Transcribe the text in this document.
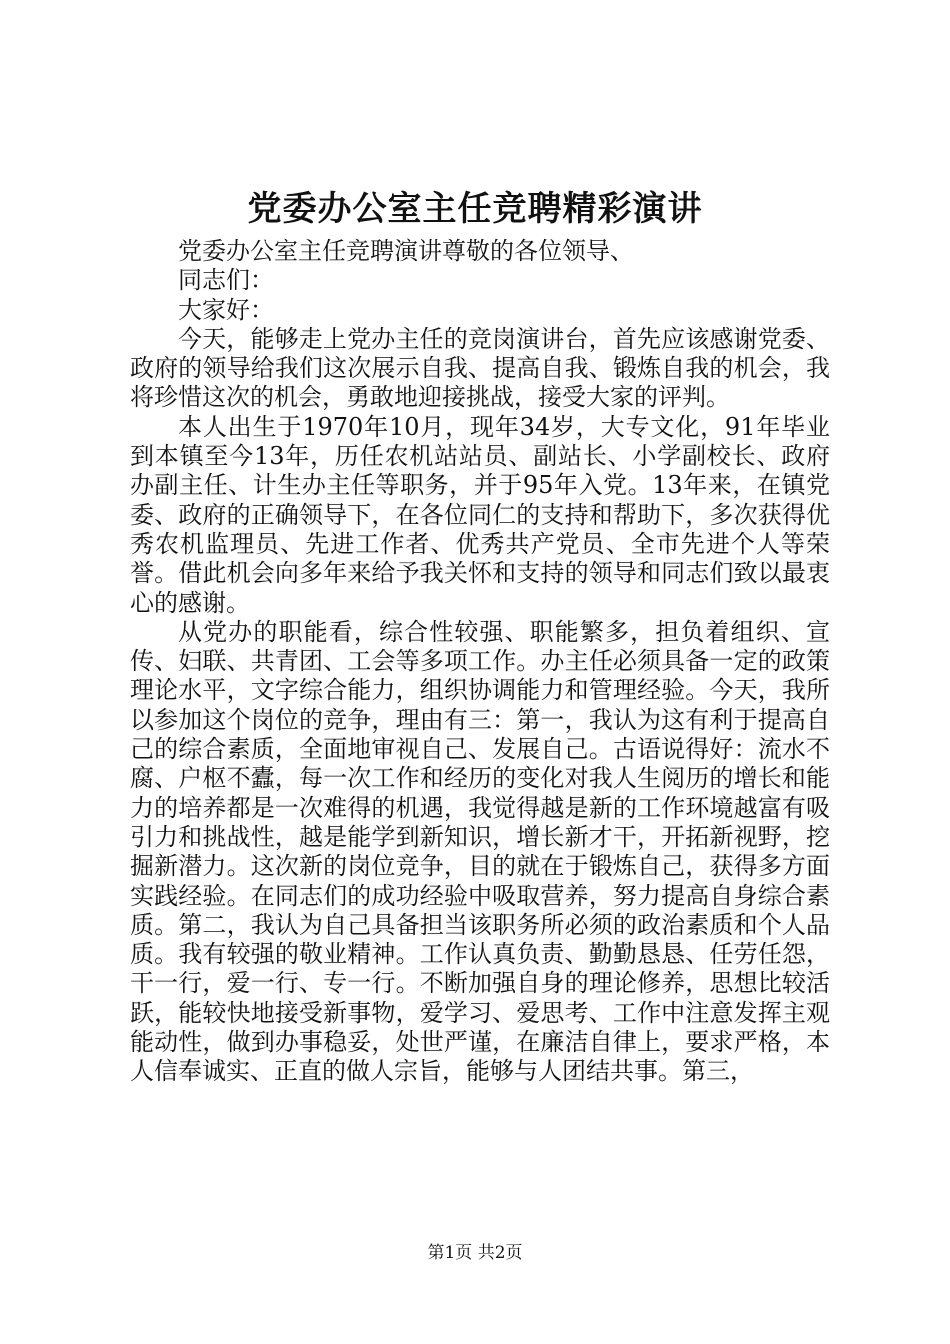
党委办公室主任竞聘精彩演讲

党委办公室主任竞聘演讲尊敬的各位领导、

同志们：

大家好：

今天，能够走上党办主任的竞岗演讲台，首先应该感谢党委、政府的领导给我们这次展示自我、提高自我、锻炼自我的机会，我将珍惜这次的机会，勇敢地迎接挑战，接受大家的评判。

本人出生于1970年10月，现年34岁，大专文化，91年毕业到本镇至今13年，历任农机站站员、副站长、小学副校长、政府办副主任、计生办主任等职务，并于95年入党。13年来，在镇党委、政府的正确领导下，在各位同仁的支持和帮助下，多次获得优秀农机监理员、先进工作者、优秀共产党员、全市先进个人等荣誉。借此机会向多年来给予我关怀和支持的领导和同志们致以最衷心的感谢。

从党办的职能看，综合性较强、职能繁多，担负着组织、宣传、妇联、共青团、工会等多项工作。办主任必须具备一定的政策理论水平，文字综合能力，组织协调能力和管理经验。今天，我所以参加这个岗位的竞争，理由有三：第一，我认为这有利于提高自己的综合素质，全面地审视自己、发展自己。古语说得好：流水不腐、户枢不蠹，每一次工作和经历的变化对我人生阅历的增长和能力的培养都是一次难得的机遇，我觉得越是新的工作环境越富有吸引力和挑战性，越是能学到新知识，增长新才干，开拓新视野，挖掘新潜力。这次新的岗位竞争，目的就在于锻炼自己，获得多方面实践经验。在同志们的成功经验中吸取营养，努力提高自身综合素质。第二，我认为自己具备担当该职务所必须的政治素质和个人品质。我有较强的敬业精神。工作认真负责、勤勤恳恳、任劳任怨，干一行，爱一行、专一行。不断加强自身的理论修养，思想比较活跃，能较快地接受新事物，爱学习、爱思考、工作中注意发挥主观能动性，做到办事稳妥，处世严谨，在廉洁自律上，要求严格，本人信奉诚实、正直的做人宗旨，能够与人团结共事。第三，

第1页 共2页
